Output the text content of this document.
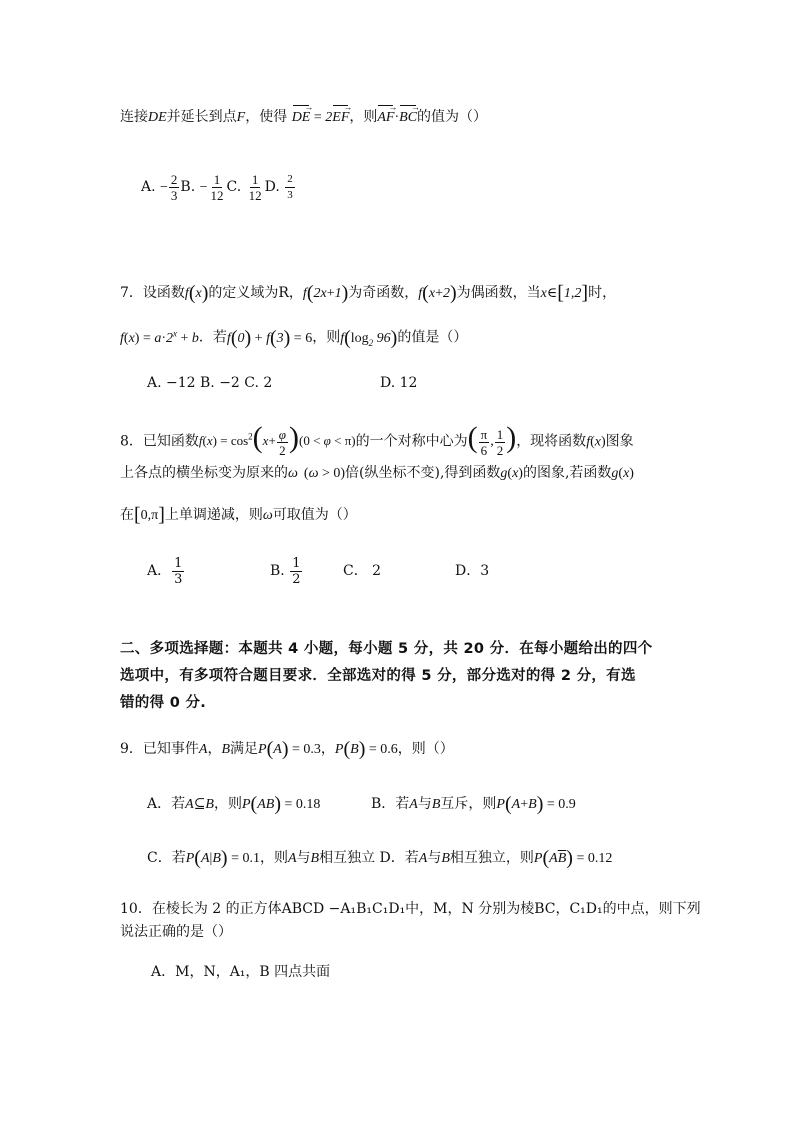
连接DE并延长到点F，使得 DE → = 2EF →，则AF →·BC →的值为（）
A. − $\frac{2}{3} B$. − $\frac{1}{12} C$. $\frac{1}{12} D$. $\frac{2}{3}$
7．设函数f(x)的定义域为R，f(2x+1)为奇函数，f(x+2)为偶函数，当x∈[1,2]时，
$f(x) = a\cdot 2^x + b$．若f(0) + f(3) = 6，则$f(\log_2$ 96)的值是（）
A. −12 B. −2 C. 2	D. 12
8．已知函数$f(x) = \cos^2(x+ \frac{\varphi}{2} )(0 < \varphi < \pi)$的一个对称中心为( $\frac{\pi}{6}$ , $\frac{1}{2}$ )，现将函数f(x)图象
上各点的横坐标变为原来的ω (ω > 0)倍(纵坐标不变),得到函数g(x)的图象,若函数g(x)
在[0,π]上单调递减，则ω可取值为（）
A． $\frac{1}{3}$	B. $\frac{1}{2}$	C． 2	D．3
二、多项选择题：本题共 4 小题，每小题 5 分，共 20 分．在每小题给出的四个
选项中，有多项符合题目要求．全部选对的得 5 分，部分选对的得 2 分，有选
错的得 0 分.
9．已知事件A，B满足P(A) = 0.3，P(B) = 0.6，则（）
A．若A⊆B，则P(AB) = 0.18	B．若A与B互斥，则P(A+B) = 0.9
C．若P(A|B) = 0.1，则A与B相互独立 D．若A与B相互独立，则$P(A\overline{B}) = 0.12$
10．在棱长为 2 的正方体ABCD −A₁B₁C₁D₁中，M，N 分别为棱BC，C₁D₁的中点，则下列
说法正确的是（）
A．M，N，A₁，B 四点共面
